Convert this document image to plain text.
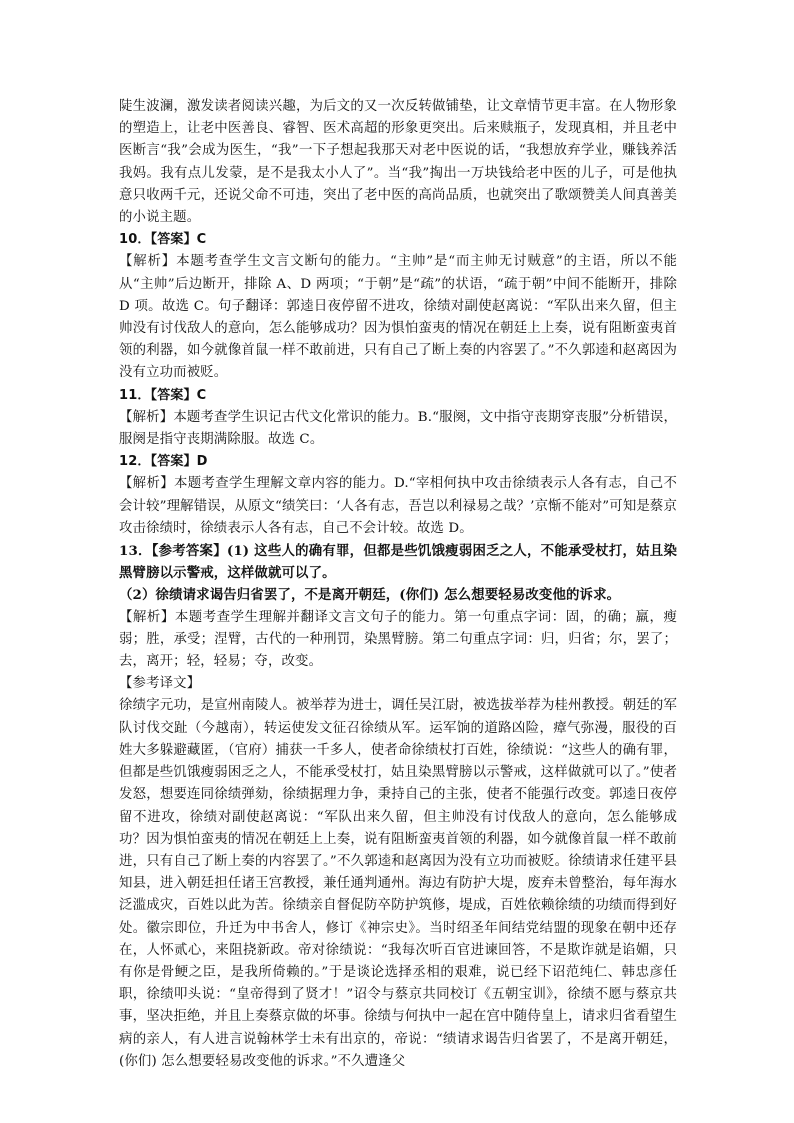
陡生波澜，激发读者阅读兴趣，为后文的又一次反转做铺垫，让文章情节更丰富。在人物形象的塑造上，让老中医善良、睿智、医术高超的形象更突出。后来赎瓶子，发现真相，并且老中医断言“我”会成为医生，“我”一下子想起我那天对老中医说的话，“我想放弃学业，赚钱养活我妈。我有点儿发蒙，是不是我太小人了”。当“我”掏出一万块钱给老中医的儿子，可是他执意只收两千元，还说父命不可违，突出了老中医的高尚品质，也就突出了歌颂赞美人间真善美的小说主题。

10．【答案】C

【解析】本题考查学生文言文断句的能力。“主帅”是“而主帅无讨贼意”的主语，所以不能从“主帅”后边断开，排除 A、D 两项；“于朝”是“疏”的状语，“疏于朝”中间不能断开，排除 D 项。故选 C。句子翻译：郭逵日夜停留不进攻，徐绩对副使赵离说：“军队出来久留，但主帅没有讨伐敌人的意向，怎么能够成功？因为惧怕蛮夷的情况在朝廷上上奏，说有阻断蛮夷首领的利器，如今就像首鼠一样不敢前进，只有自己了断上奏的内容罢了。”不久郭逵和赵离因为没有立功而被贬。

11．【答案】C

【解析】本题考查学生识记古代文化常识的能力。B.“服阕，文中指守丧期穿丧服”分析错误，服阕是指守丧期满除服。故选 C。

12．【答案】D

【解析】本题考查学生理解文章内容的能力。D.“宰相何执中攻击徐绩表示人各有志，自己不会计较”理解错误，从原文“绩笑曰：‘人各有志，吾岂以利禄易之哉？’京惭不能对”可知是蔡京攻击徐绩时，徐绩表示人各有志，自己不会计较。故选 D。

13．【参考答案】(1) 这些人的确有罪，但都是些饥饿瘦弱困乏之人，不能承受杖打，姑且染黑臂膀以示警戒，这样做就可以了。

（2）徐绩请求谒告归省罢了，不是离开朝廷，(你们) 怎么想要轻易改变他的诉求。

【解析】本题考查学生理解并翻译文言文句子的能力。第一句重点字词：固，的确；羸，瘦弱；胜，承受；涅臂，古代的一种刑罚，染黑臂膀。第二句重点字词：归，归省；尔，罢了；去，离开；轻，轻易；夺，改变。

【参考译文】

徐绩字元功，是宣州南陵人。被举荐为进士，调任吴江尉，被选拔举荐为桂州教授。朝廷的军队讨伐交趾（今越南），转运使发文征召徐绩从军。运军饷的道路凶险，瘴气弥漫，服役的百姓大多躲避藏匿，（官府）捕获一千多人，使者命徐绩杖打百姓，徐绩说：“这些人的确有罪，但都是些饥饿瘦弱困乏之人，不能承受杖打，姑且染黑臂膀以示警戒，这样做就可以了。”使者发怒，想要连同徐绩弹劾，徐绩据理力争，秉持自己的主张，使者不能强行改变。郭逵日夜停留不进攻，徐绩对副使赵离说：“军队出来久留，但主帅没有讨伐敌人的意向，怎么能够成功？因为惧怕蛮夷的情况在朝廷上上奏，说有阻断蛮夷首领的利器，如今就像首鼠一样不敢前进，只有自己了断上奏的内容罢了。”不久郭逵和赵离因为没有立功而被贬。徐绩请求任建平县知县，进入朝廷担任诸王宫教授，兼任通判通州。海边有防护大堤，废弃未曾整治，每年海水泛滥成灾，百姓以此为苦。徐绩亲自督促防卒防护筑修，堤成，百姓依赖徐绩的功绩而得到好处。徽宗即位，升迁为中书舍人，修订《神宗史》。当时绍圣年间结党结盟的现象在朝中还存在，人怀贰心，来阻挠新政。帝对徐绩说：“我每次听百官进谏回答，不是欺诈就是谄媚，只有你是骨鲠之臣，是我所倚赖的。”于是谈论选择丞相的艰难，说已经下诏范纯仁、韩忠彦任职，徐绩叩头说：“皇帝得到了贤才！”诏令与蔡京共同校订《五朝宝训》，徐绩不愿与蔡京共事，坚决拒绝，并且上奏蔡京做的坏事。徐绩与何执中一起在宫中随侍皇上，请求归省看望生病的亲人，有人进言说翰林学士未有出京的，帝说：“绩请求谒告归省罢了，不是离开朝廷，(你们) 怎么想要轻易改变他的诉求。”不久遭逢父
